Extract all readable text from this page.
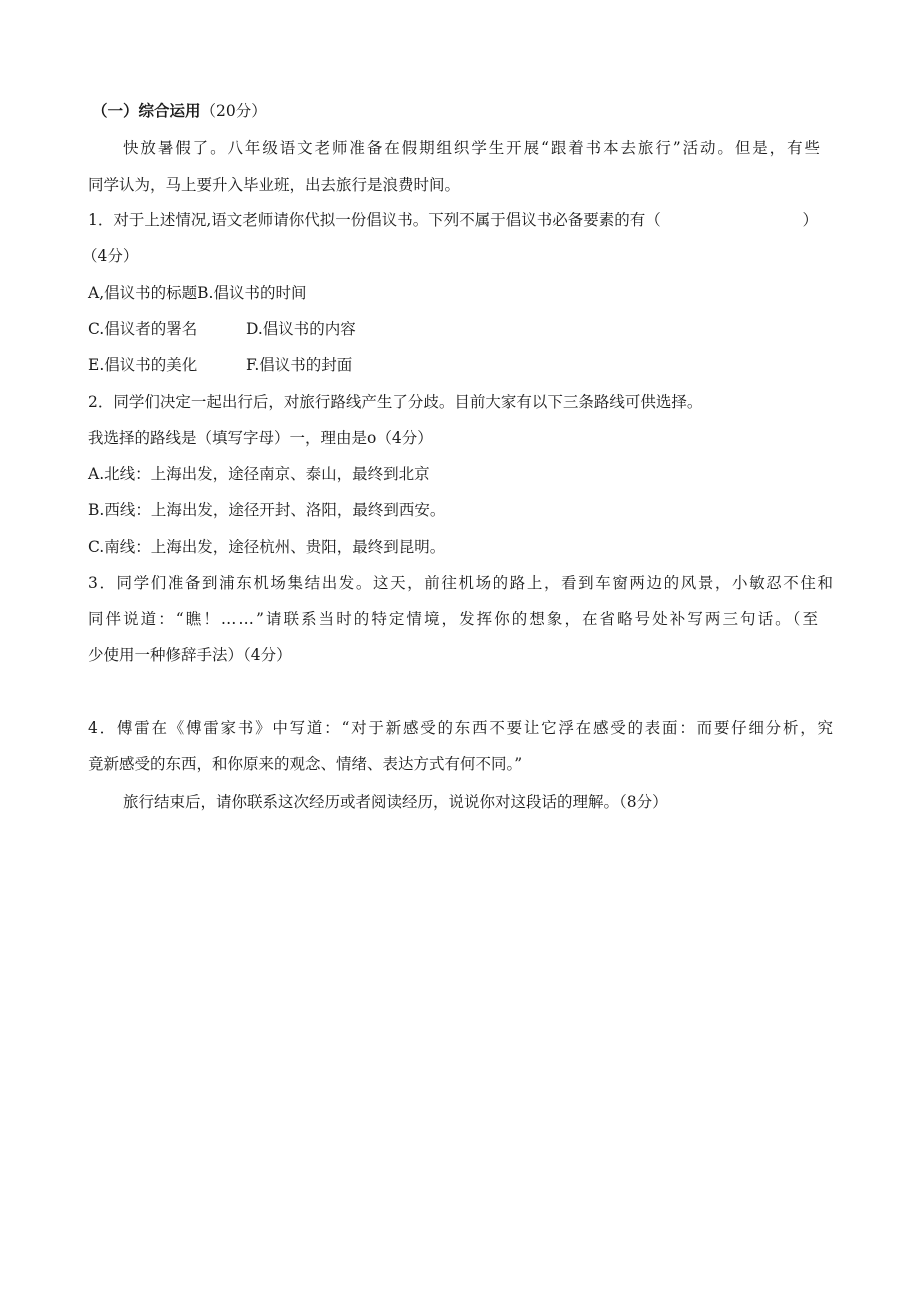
（一）综合运用（20分）
快放暑假了。八年级语文老师准备在假期组织学生开展“跟着书本去旅行”活动。但是，有些
同学认为，马上要升入毕业班，出去旅行是浪费时间。
1．对于上述情况,语文老师请你代拟一份倡议书。下列不属于倡议书必备要素的有（	）
（4分）
A,倡议书的标题B.倡议书的时间
C.倡议者的署名	D.倡议书的内容
E.倡议书的美化	F.倡议书的封面
2．同学们决定一起出行后，对旅行路线产生了分歧。目前大家有以下三条路线可供选择。
我选择的路线是（填写字母）一，理由是o（4分）
A.北线：上海出发，途径南京、泰山，最终到北京
B.西线：上海出发，途径开封、洛阳，最终到西安。
C.南线：上海出发，途径杭州、贵阳，最终到昆明。
3．同学们准备到浦东机场集结出发。这天，前往机场的路上，看到车窗两边的风景，小敏忍不住和
同伴说道：“瞧！……”请联系当时的特定情境，发挥你的想象，在省略号处补写两三句话。（至
少使用一种修辞手法）（4分）
4．傅雷在《傅雷家书》中写道：“对于新感受的东西不要让它浮在感受的表面：而要仔细分析，究
竟新感受的东西，和你原来的观念、情绪、表达方式有何不同。”
旅行结束后，请你联系这次经历或者阅读经历，说说你对这段话的理解。（8分）
